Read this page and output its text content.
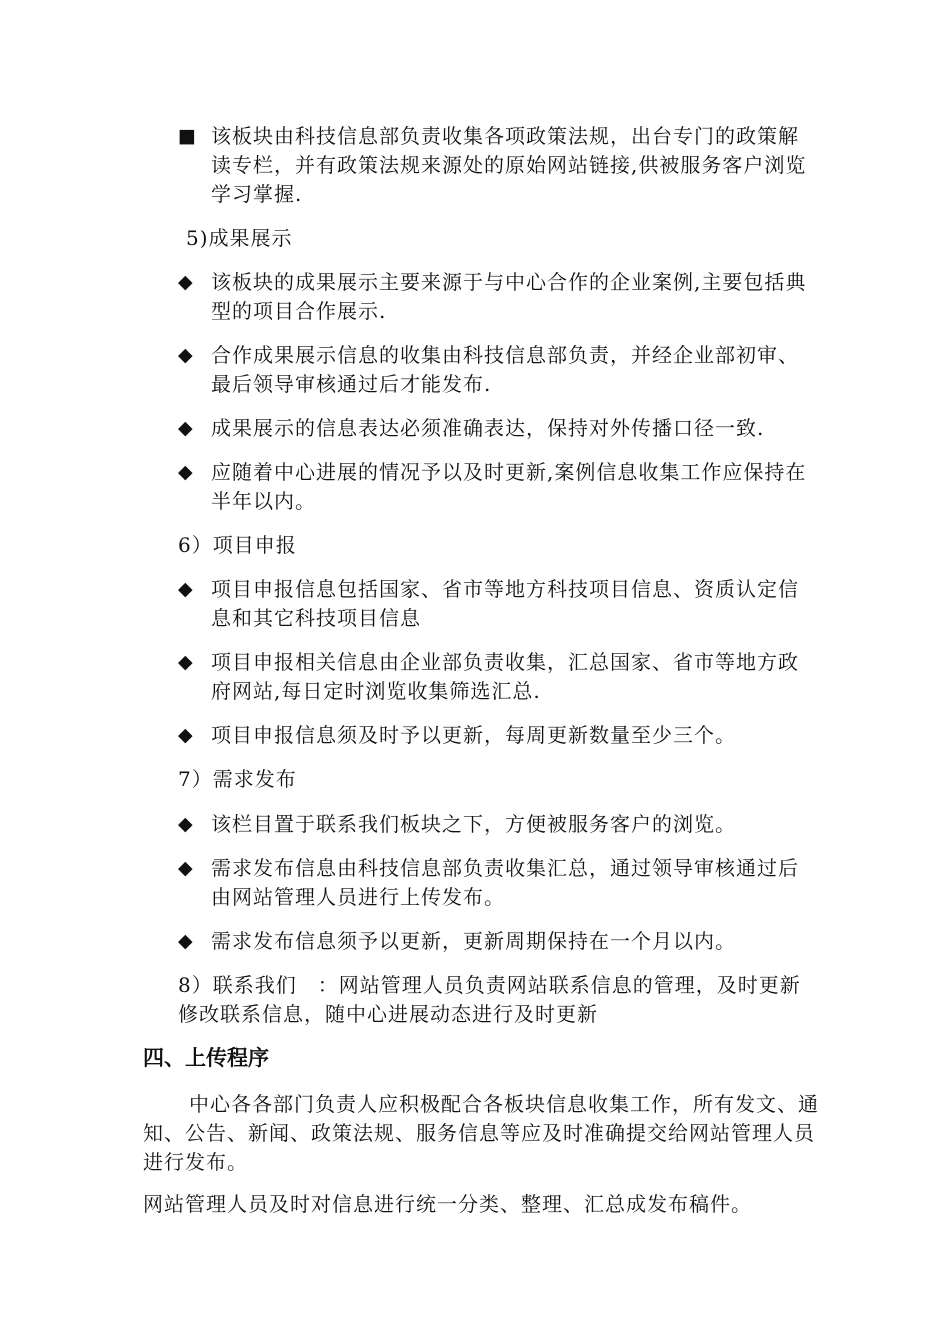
■ 该板块由科技信息部负责收集各项政策法规，出台专门的政策解读专栏，并有政策法规来源处的原始网站链接,供被服务客户浏览学习掌握.
5)成果展示
◆ 该板块的成果展示主要来源于与中心合作的企业案例,主要包括典型的项目合作展示.
◆ 合作成果展示信息的收集由科技信息部负责，并经企业部初审、最后领导审核通过后才能发布.
◆ 成果展示的信息表达必须准确表达，保持对外传播口径一致.
◆ 应随着中心进展的情况予以及时更新,案例信息收集工作应保持在半年以内。
6）项目申报
◆ 项目申报信息包括国家、省市等地方科技项目信息、资质认定信息和其它科技项目信息
◆ 项目申报相关信息由企业部负责收集，汇总国家、省市等地方政府网站,每日定时浏览收集筛选汇总.
◆ 项目申报信息须及时予以更新，每周更新数量至少三个。
7）需求发布
◆ 该栏目置于联系我们板块之下，方便被服务客户的浏览。
◆ 需求发布信息由科技信息部负责收集汇总，通过领导审核通过后由网站管理人员进行上传发布。
◆ 需求发布信息须予以更新，更新周期保持在一个月以内。
8）联系我们　：网站管理人员负责网站联系信息的管理，及时更新修改联系信息，随中心进展动态进行及时更新
四、上传程序
中心各各部门负责人应积极配合各板块信息收集工作，所有发文、通知、公告、新闻、政策法规、服务信息等应及时准确提交给网站管理人员进行发布。
网站管理人员及时对信息进行统一分类、整理、汇总成发布稿件。
